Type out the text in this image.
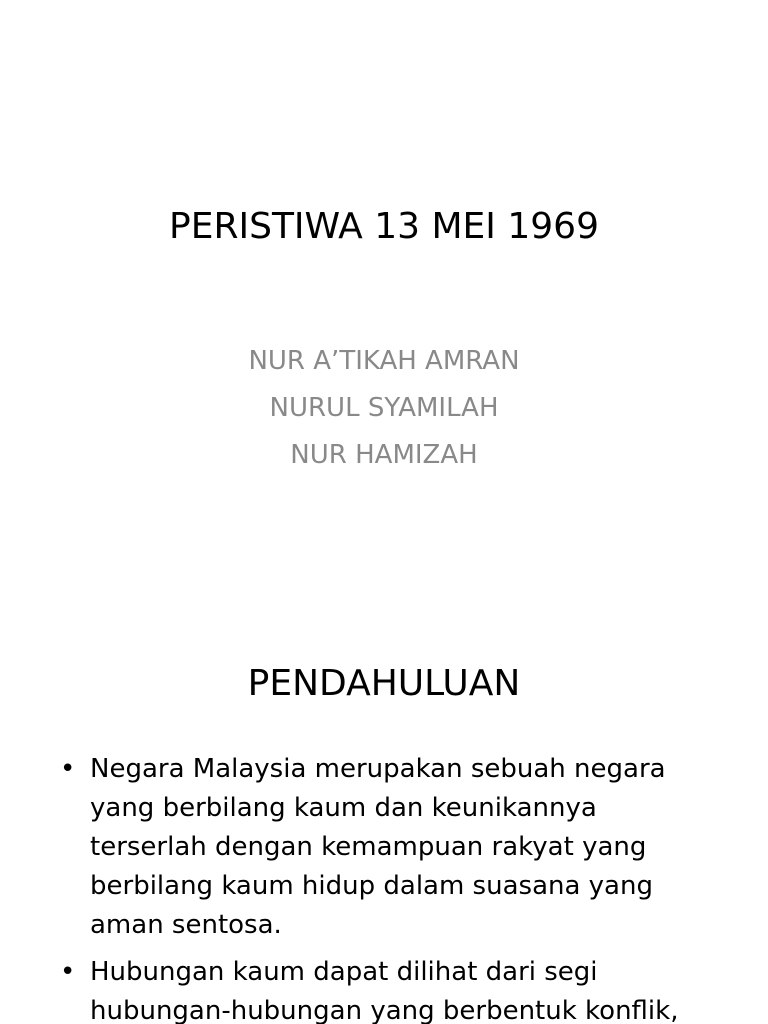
PERISTIWA 13 MEI 1969
NUR A’TIKAH AMRAN
NURUL SYAMILAH
NUR HAMIZAH
PENDAHULUAN
• Negara Malaysia merupakan sebuah negara yang berbilang kaum dan keunikannya terserlah dengan kemampuan rakyat yang berbilang kaum hidup dalam suasana yang aman sentosa.
• Hubungan kaum dapat dilihat dari segi hubungan-hubungan yang berbentuk konflik,
